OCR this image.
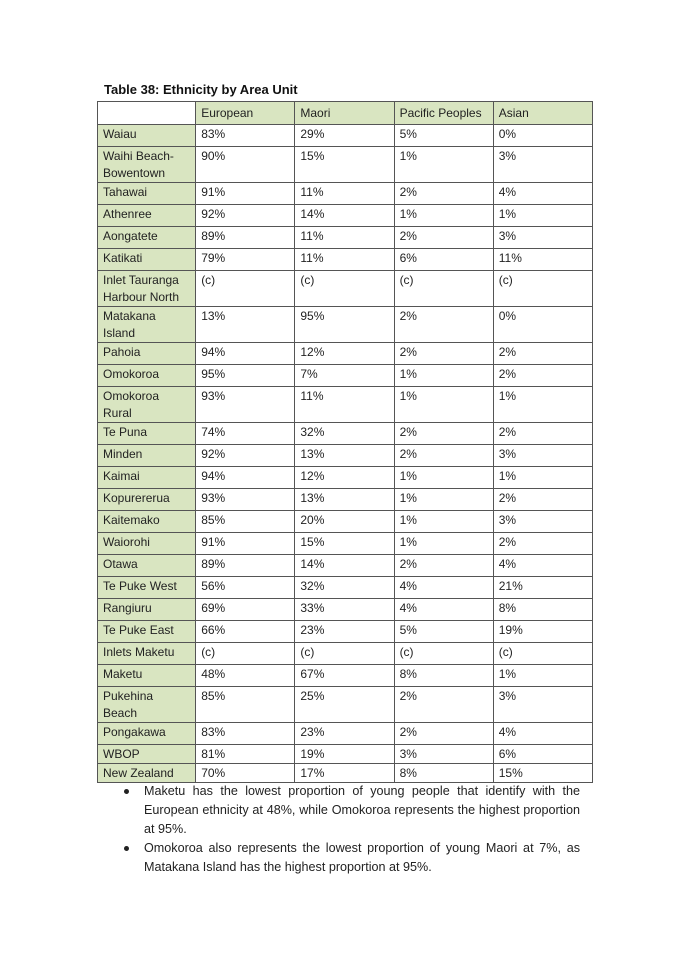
Table 38: Ethnicity by Area Unit
	European	Maori	Pacific Peoples	Asian
Waiau	83%	29%	5%	0%
Waihi Beach-Bowentown	90%	15%	1%	3%
Tahawai	91%	11%	2%	4%
Athenree	92%	14%	1%	1%
Aongatete	89%	11%	2%	3%
Katikati	79%	11%	6%	11%
Inlet Tauranga Harbour North	(c)	(c)	(c)	(c)
Matakana Island	13%	95%	2%	0%
Pahoia	94%	12%	2%	2%
Omokoroa	95%	7%	1%	2%
Omokoroa Rural	93%	11%	1%	1%
Te Puna	74%	32%	2%	2%
Minden	92%	13%	2%	3%
Kaimai	94%	12%	1%	1%
Kopurererua	93%	13%	1%	2%
Kaitemako	85%	20%	1%	3%
Waiorohi	91%	15%	1%	2%
Otawa	89%	14%	2%	4%
Te Puke West	56%	32%	4%	21%
Rangiuru	69%	33%	4%	8%
Te Puke East	66%	23%	5%	19%
Inlets Maketu	(c)	(c)	(c)	(c)
Maketu	48%	67%	8%	1%
Pukehina Beach	85%	25%	2%	3%
Pongakawa	83%	23%	2%	4%
WBOP	81%	19%	3%	6%
New Zealand	70%	17%	8%	15%
Maketu has the lowest proportion of young people that identify with the European ethnicity at 48%, while Omokoroa represents the highest proportion at 95%.
Omokoroa also represents the lowest proportion of young Maori at 7%, as Matakana Island has the highest proportion at 95%.
